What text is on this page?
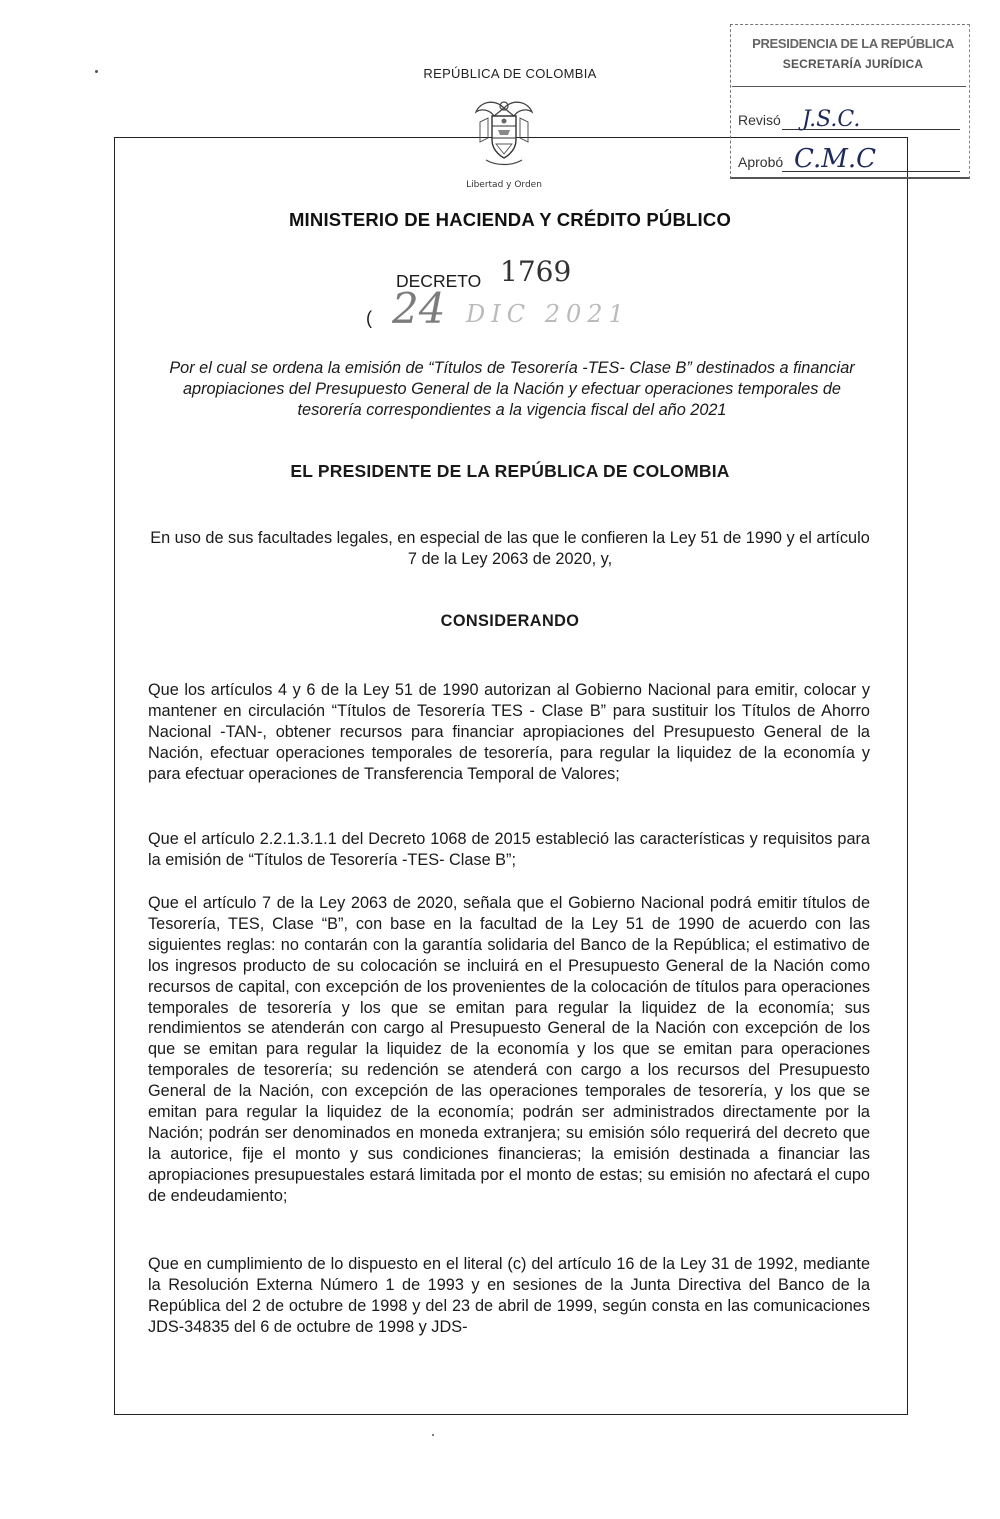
REPÚBLICA DE COLOMBIA
Libertad y Orden
PRESIDENCIA DE LA REPÚBLICA
SECRETARÍA JURÍDICA
Revisó J.S.C.
Aprobó C.M.C
MINISTERIO DE HACIENDA Y CRÉDITO PÚBLICO
DECRETO 1769
( 24 DIC 2021
Por el cual se ordena la emisión de “Títulos de Tesorería -TES- Clase B” destinados a financiar apropiaciones del Presupuesto General de la Nación y efectuar operaciones temporales de tesorería correspondientes a la vigencia fiscal del año 2021
EL PRESIDENTE DE LA REPÚBLICA DE COLOMBIA
En uso de sus facultades legales, en especial de las que le confieren la Ley 51 de 1990 y el artículo 7 de la Ley 2063 de 2020, y,
CONSIDERANDO
Que los artículos 4 y 6 de la Ley 51 de 1990 autorizan al Gobierno Nacional para emitir, colocar y mantener en circulación “Títulos de Tesorería TES - Clase B” para sustituir los Títulos de Ahorro Nacional -TAN-, obtener recursos para financiar apropiaciones del Presupuesto General de la Nación, efectuar operaciones temporales de tesorería, para regular la liquidez de la economía y para efectuar operaciones de Transferencia Temporal de Valores;
Que el artículo 2.2.1.3.1.1 del Decreto 1068 de 2015 estableció las características y requisitos para la emisión de “Títulos de Tesorería -TES- Clase B”;
Que el artículo 7 de la Ley 2063 de 2020, señala que el Gobierno Nacional podrá emitir títulos de Tesorería, TES, Clase “B”, con base en la facultad de la Ley 51 de 1990 de acuerdo con las siguientes reglas: no contarán con la garantía solidaria del Banco de la República; el estimativo de los ingresos producto de su colocación se incluirá en el Presupuesto General de la Nación como recursos de capital, con excepción de los provenientes de la colocación de títulos para operaciones temporales de tesorería y los que se emitan para regular la liquidez de la economía; sus rendimientos se atenderán con cargo al Presupuesto General de la Nación con excepción de los que se emitan para regular la liquidez de la economía y los que se emitan para operaciones temporales de tesorería; su redención se atenderá con cargo a los recursos del Presupuesto General de la Nación, con excepción de las operaciones temporales de tesorería, y los que se emitan para regular la liquidez de la economía; podrán ser administrados directamente por la Nación; podrán ser denominados en moneda extranjera; su emisión sólo requerirá del decreto que la autorice, fije el monto y sus condiciones financieras; la emisión destinada a financiar las apropiaciones presupuestales estará limitada por el monto de estas; su emisión no afectará el cupo de endeudamiento;
Que en cumplimiento de lo dispuesto en el literal (c) del artículo 16 de la Ley 31 de 1992, mediante la Resolución Externa Número 1 de 1993 y en sesiones de la Junta Directiva del Banco de la República del 2 de octubre de 1998 y del 23 de abril de 1999, según consta en las comunicaciones JDS-34835 del 6 de octubre de 1998 y JDS-
